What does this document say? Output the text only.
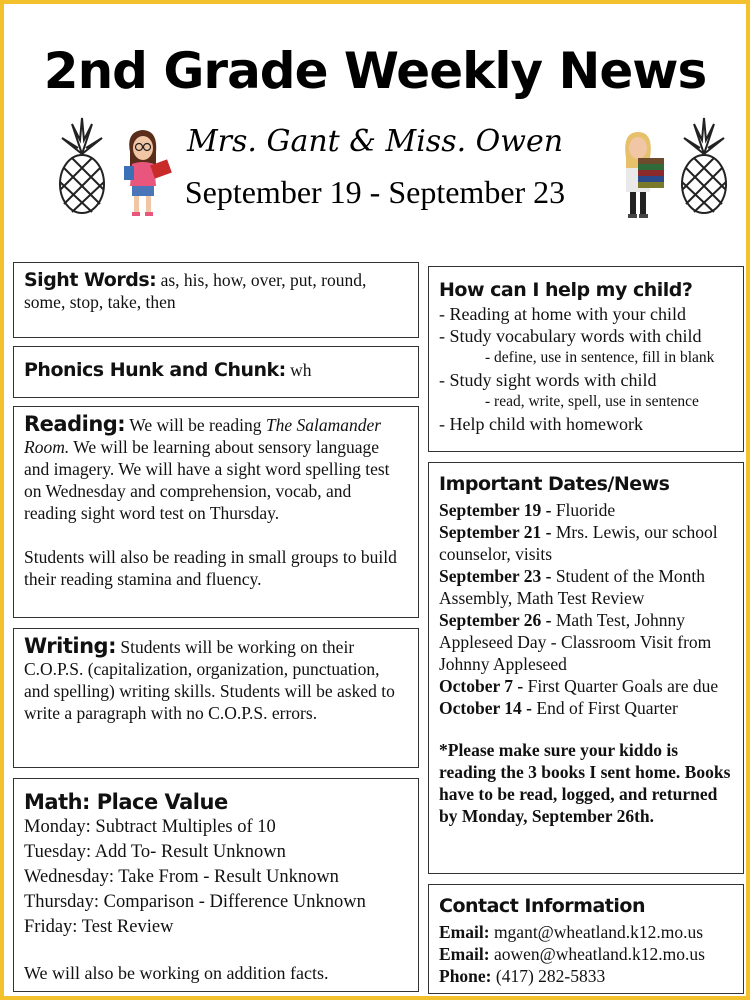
2nd Grade Weekly News
Mrs. Gant & Miss. Owen
September 19 - September 23
Sight Words: as, his, how, over, put, round, some, stop, take, then
Phonics Hunk and Chunk: wh
Reading: We will be reading The Salamander Room. We will be learning about sensory language and imagery. We will have a sight word spelling test on Wednesday and comprehension, vocab, and reading sight word test on Thursday.
Students will also be reading in small groups to build their reading stamina and fluency.
Writing: Students will be working on their C.O.P.S. (capitalization, organization, punctuation, and spelling) writing skills. Students will be asked to write a paragraph with no C.O.P.S. errors.
Math: Place Value
Monday: Subtract Multiples of 10
Tuesday: Add To- Result Unknown
Wednesday: Take From - Result Unknown
Thursday: Comparison - Difference Unknown
Friday: Test Review
We will also be working on addition facts.
How can I help my child?
- Reading at home with your child
- Study vocabulary words with child
- define, use in sentence, fill in blank
- Study sight words with child
- read, write, spell, use in sentence
- Help child with homework
Important Dates/News
September 19 - Fluoride
September 21 - Mrs. Lewis, our school counselor, visits
September 23 - Student of the Month Assembly, Math Test Review
September 26 - Math Test, Johnny Appleseed Day - Classroom Visit from Johnny Appleseed
October 7 - First Quarter Goals are due
October 14 - End of First Quarter
*Please make sure your kiddo is reading the 3 books I sent home. Books have to be read, logged, and returned by Monday, September 26th.
Contact Information
Email: mgant@wheatland.k12.mo.us
Email: aowen@wheatland.k12.mo.us
Phone: (417) 282-5833
